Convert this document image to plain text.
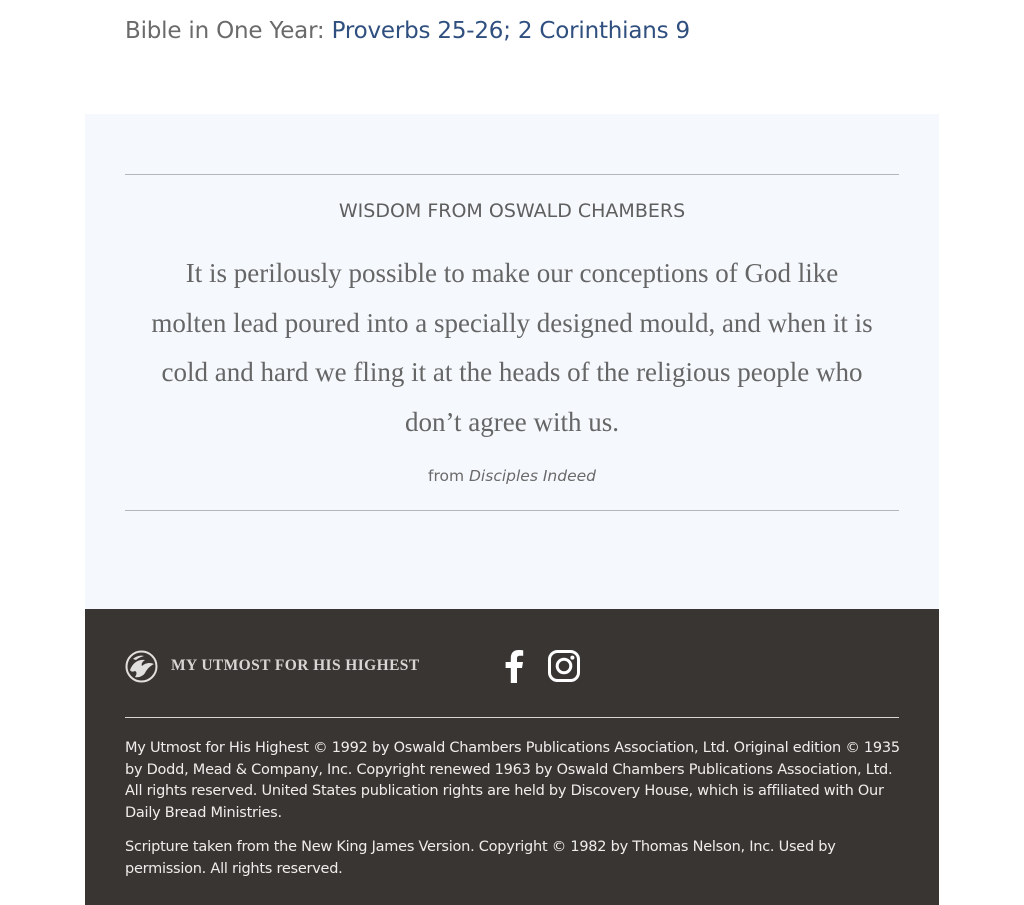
Bible in One Year: Proverbs 25-26; 2 Corinthians 9
WISDOM FROM OSWALD CHAMBERS
It is perilously possible to make our conceptions of God like molten lead poured into a specially designed mould, and when it is cold and hard we fling it at the heads of the religious people who don’t agree with us.
from Disciples Indeed
MY UTMOST FOR HIS HIGHEST

My Utmost for His Highest © 1992 by Oswald Chambers Publications Association, Ltd. Original edition © 1935 by Dodd, Mead & Company, Inc. Copyright renewed 1963 by Oswald Chambers Publications Association, Ltd. All rights reserved. United States publication rights are held by Discovery House, which is affiliated with Our Daily Bread Ministries.

Scripture taken from the New King James Version. Copyright © 1982 by Thomas Nelson, Inc. Used by permission. All rights reserved.
